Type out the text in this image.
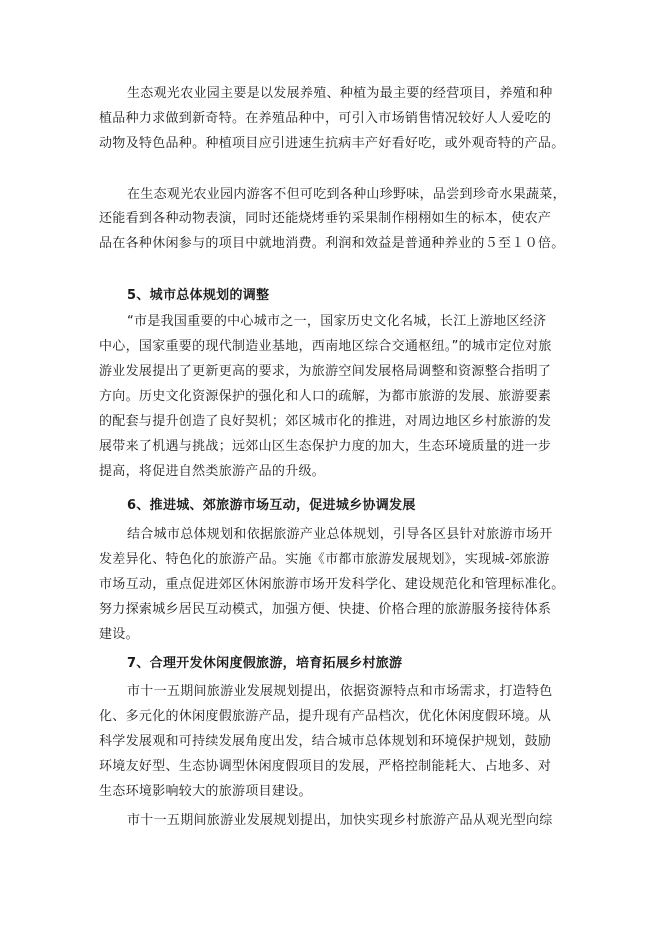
生态观光农业园主要是以发展养殖、种植为最主要的经营项目，养殖和种
植品种力求做到新奇特。在养殖品种中，可引入市场销售情况较好人人爱吃的
动物及特色品种。种植项目应引进速生抗病丰产好看好吃，或外观奇特的产品。
在生态观光农业园内游客不但可吃到各种山珍野味，品尝到珍奇水果蔬菜，
还能看到各种动物表演，同时还能烧烤垂钓采果制作栩栩如生的标本，使农产
品在各种休闲参与的项目中就地消费。利润和效益是普通种养业的５至１０倍。
5、城市总体规划的调整
“市是我国重要的中心城市之一，国家历史文化名城，长江上游地区经济
中心，国家重要的现代制造业基地，西南地区综合交通枢纽。”的城市定位对旅
游业发展提出了更新更高的要求，为旅游空间发展格局调整和资源整合指明了
方向。历史文化资源保护的强化和人口的疏解，为都市旅游的发展、旅游要素
的配套与提升创造了良好契机；郊区城市化的推进，对周边地区乡村旅游的发
展带来了机遇与挑战；远郊山区生态保护力度的加大，生态环境质量的进一步
提高，将促进自然类旅游产品的升级。
6、推进城、郊旅游市场互动，促进城乡协调发展
结合城市总体规划和依据旅游产业总体规划，引导各区县针对旅游市场开
发差异化、特色化的旅游产品。实施《市都市旅游发展规划》，实现城-郊旅游
市场互动，重点促进郊区休闲旅游市场开发科学化、建设规范化和管理标准化。
努力探索城乡居民互动模式，加强方便、快捷、价格合理的旅游服务接待体系
建设。
7、合理开发休闲度假旅游，培育拓展乡村旅游
市十一五期间旅游业发展规划提出，依据资源特点和市场需求，打造特色
化、多元化的休闲度假旅游产品，提升现有产品档次，优化休闲度假环境。从
科学发展观和可持续发展角度出发，结合城市总体规划和环境保护规划，鼓励
环境友好型、生态协调型休闲度假项目的发展，严格控制能耗大、占地多、对
生态环境影响较大的旅游项目建设。
市十一五期间旅游业发展规划提出，加快实现乡村旅游产品从观光型向综
